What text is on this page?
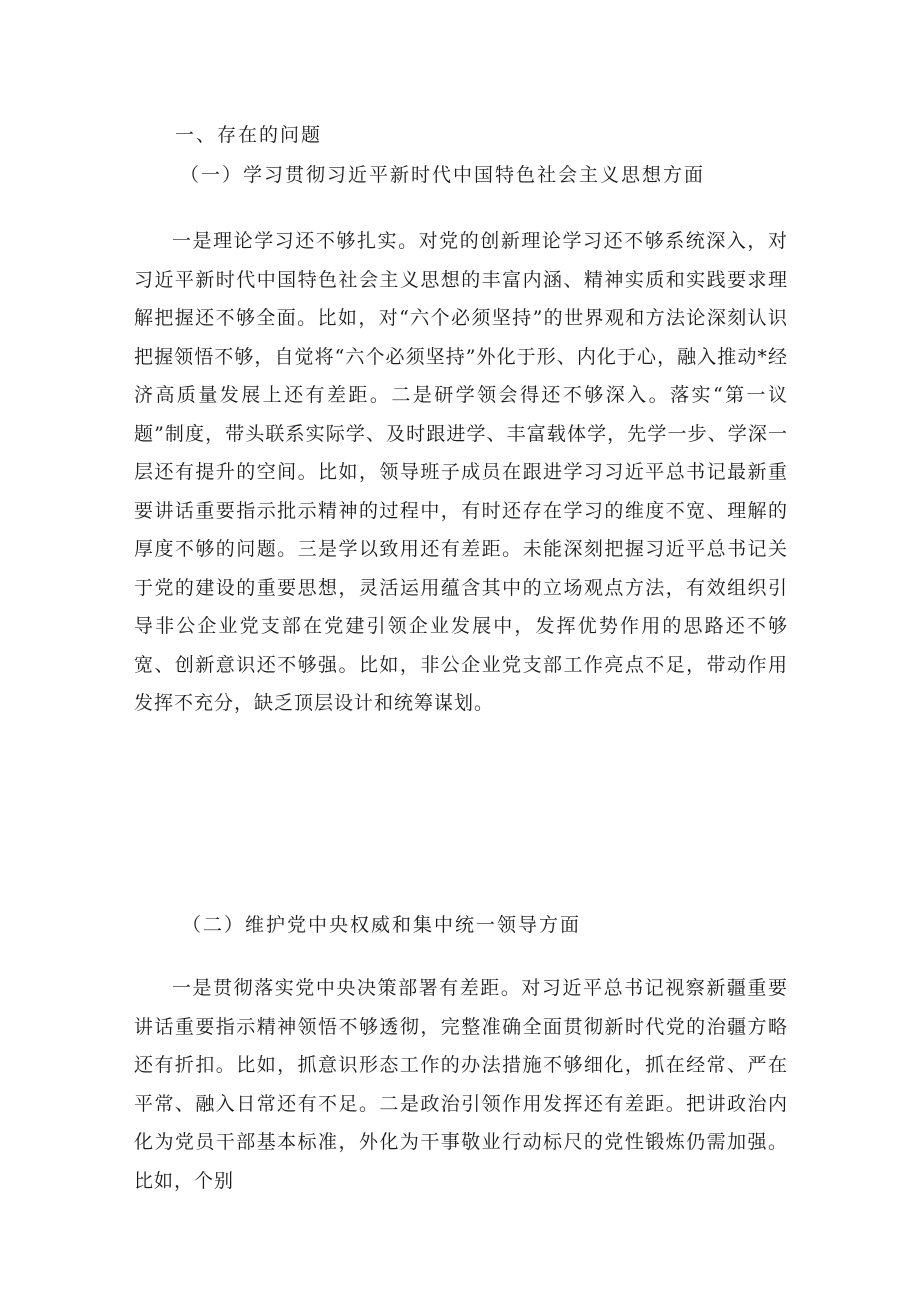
一、存在的问题
（一）学习贯彻习近平新时代中国特色社会主义思想方面

一是理论学习还不够扎实。对党的创新理论学习还不够系统深入，对习近平新时代中国特色社会主义思想的丰富内涵、精神实质和实践要求理解把握还不够全面。比如，对“六个必须坚持”的世界观和方法论深刻认识把握领悟不够，自觉将“六个必须坚持”外化于形、内化于心，融入推动*经济高质量发展上还有差距。二是研学领会得还不够深入。落实“第一议题”制度，带头联系实际学、及时跟进学、丰富载体学，先学一步、学深一层还有提升的空间。比如，领导班子成员在跟进学习习近平总书记最新重要讲话重要指示批示精神的过程中，有时还存在学习的维度不宽、理解的厚度不够的问题。三是学以致用还有差距。未能深刻把握习近平总书记关于党的建设的重要思想，灵活运用蕴含其中的立场观点方法，有效组织引导非公企业党支部在党建引领企业发展中，发挥优势作用的思路还不够宽、创新意识还不够强。比如，非公企业党支部工作亮点不足，带动作用发挥不充分，缺乏顶层设计和统筹谋划。

（二）维护党中央权威和集中统一领导方面

一是贯彻落实党中央决策部署有差距。对习近平总书记视察新疆重要讲话重要指示精神领悟不够透彻，完整准确全面贯彻新时代党的治疆方略还有折扣。比如，抓意识形态工作的办法措施不够细化，抓在经常、严在平常、融入日常还有不足。二是政治引领作用发挥还有差距。把讲政治内化为党员干部基本标准，外化为干事敬业行动标尺的党性锻炼仍需加强。比如，个别
